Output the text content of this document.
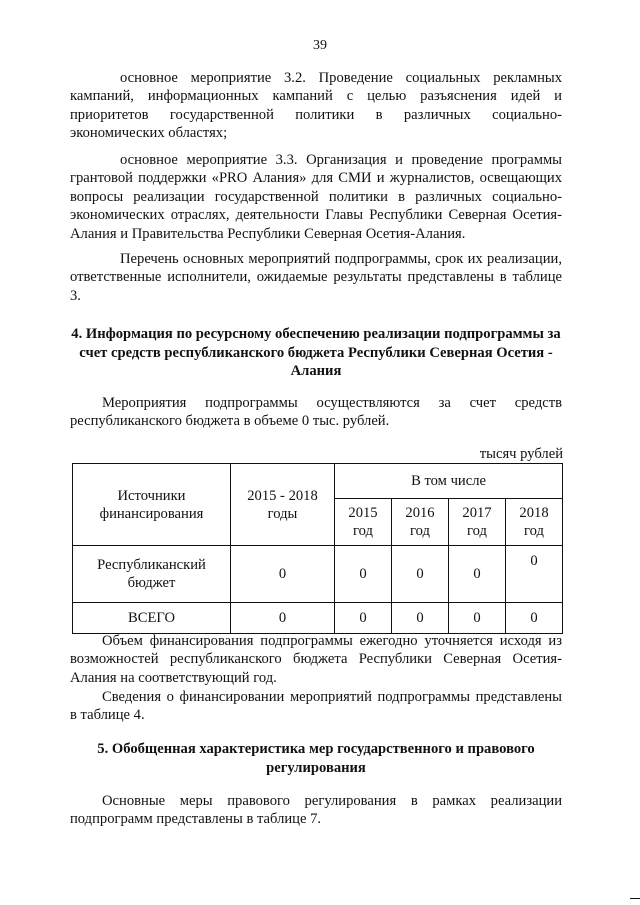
39

основное мероприятие 3.2. Проведение социальных рекламных кампаний, информационных кампаний с целью разъяснения идей и приоритетов государственной политики в различных социально-экономических областях;

основное мероприятие 3.3. Организация и проведение программы грантовой поддержки «PRO Алания» для СМИ и журналистов, освещающих вопросы реализации государственной политики в различных социально-экономических отраслях, деятельности Главы Республики Северная Осетия-Алания и Правительства Республики Северная Осетия-Алания.

Перечень основных мероприятий подпрограммы, срок их реализации, ответственные исполнители, ожидаемые результаты представлены в таблице 3.

4. Информация по ресурсному обеспечению реализации подпрограммы за счет средств республиканского бюджета Республики Северная Осетия - Алания

Мероприятия подпрограммы осуществляются за счет средств республиканского бюджета в объеме 0 тыс. рублей.

тысяч рублей
Источники финансирования	2015 - 2018 годы	В том числе			
		2015 год	2016 год	2017 год	2018 год
Республиканский бюджет	0	0	0	0	0
ВСЕГО	0	0	0	0	0

Объем финансирования подпрограммы ежегодно уточняется исходя из возможностей республиканского бюджета Республики Северная Осетия-Алания на соответствующий год.

Сведения о финансировании мероприятий подпрограммы представлены в таблице 4.

5. Обобщенная характеристика мер государственного и правового регулирования

Основные меры правового регулирования в рамках реализации подпрограмм представлены в таблице 7.
